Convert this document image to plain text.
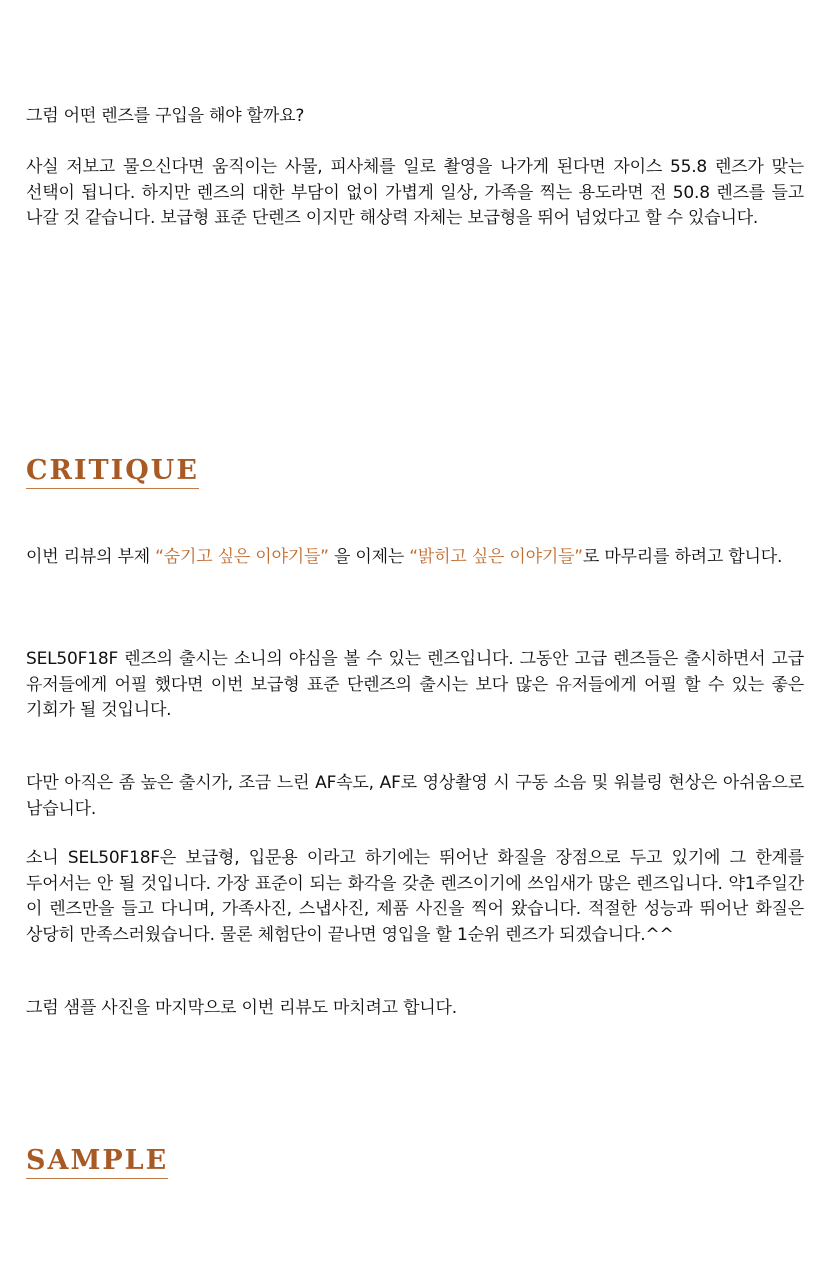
그럼 어떤 렌즈를 구입을 해야 할까요?

사실 저보고 물으신다면 움직이는 사물, 피사체를 일로 촬영을 나가게 된다면 자이스 55.8 렌즈가 맞는 선택이 됩니다. 하지만 렌즈의 대한 부담이 없이 가볍게 일상, 가족을 찍는 용도라면 전 50.8 렌즈를 들고 나갈 것 같습니다. 보급형 표준 단렌즈 이지만 해상력 자체는 보급형을 뛰어 넘었다고 할 수 있습니다.

CRITIQUE

이번 리뷰의 부제 “숨기고 싶은 이야기들” 을 이제는 “밝히고 싶은 이야기들”로 마무리를 하려고 합니다.

SEL50F18F 렌즈의 출시는 소니의 야심을 볼 수 있는 렌즈입니다. 그동안 고급 렌즈들은 출시하면서 고급 유저들에게 어필 했다면 이번 보급형 표준 단렌즈의 출시는 보다 많은 유저들에게 어필 할 수 있는 좋은 기회가 될 것입니다.

다만 아직은 좀 높은 출시가, 조금 느린 AF속도, AF로 영상촬영 시 구동 소음 및 워블링 현상은 아쉬움으로 남습니다.

소니 SEL50F18F은 보급형, 입문용 이라고 하기에는 뛰어난 화질을 장점으로 두고 있기에 그 한계를 두어서는 안 될 것입니다. 가장 표준이 되는 화각을 갖춘 렌즈이기에 쓰임새가 많은 렌즈입니다. 약1주일간 이 렌즈만을 들고 다니며, 가족사진, 스냅사진, 제품 사진을 찍어 왔습니다. 적절한 성능과 뛰어난 화질은 상당히 만족스러웠습니다. 물론 체험단이 끝나면 영입을 할 1순위 렌즈가 되겠습니다.^^

그럼 샘플 사진을 마지막으로 이번 리뷰도 마치려고 합니다.

SAMPLE
